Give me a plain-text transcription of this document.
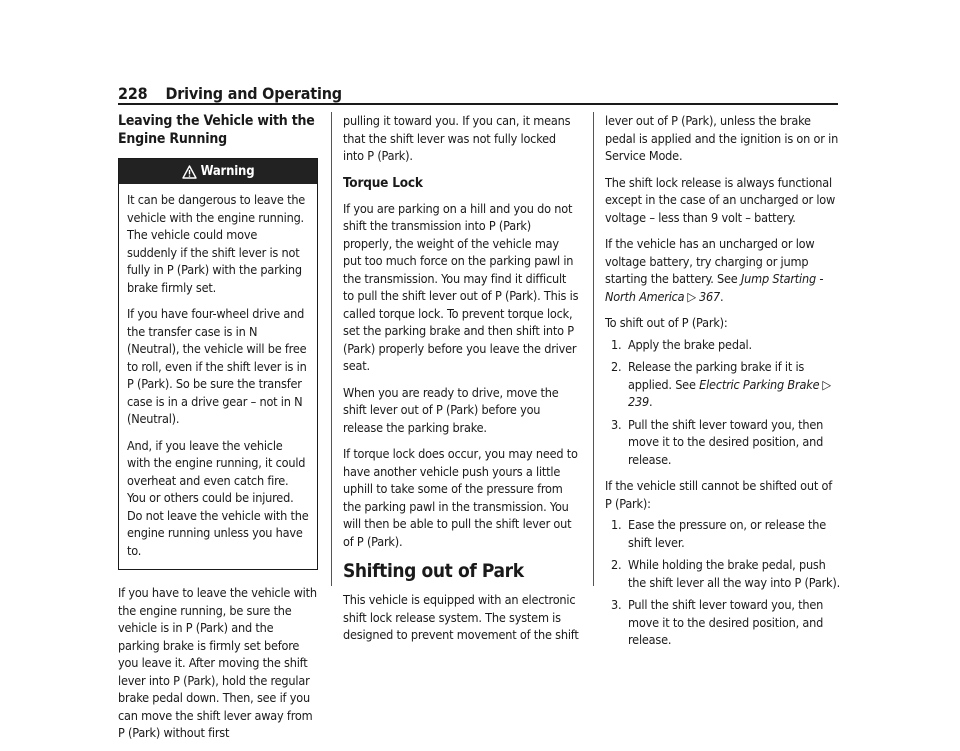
228 Driving and Operating
Leaving the Vehicle with the Engine Running
Warning

It can be dangerous to leave the vehicle with the engine running. The vehicle could move suddenly if the shift lever is not fully in P (Park) with the parking brake firmly set.

If you have four-wheel drive and the transfer case is in N (Neutral), the vehicle will be free to roll, even if the shift lever is in P (Park). So be sure the transfer case is in a drive gear – not in N (Neutral).

And, if you leave the vehicle with the engine running, it could overheat and even catch fire. You or others could be injured. Do not leave the vehicle with the engine running unless you have to.

If you have to leave the vehicle with the engine running, be sure the vehicle is in P (Park) and the parking brake is firmly set before you leave it. After moving the shift lever into P (Park), hold the regular brake pedal down. Then, see if you can move the shift lever away from P (Park) without first

pulling it toward you. If you can, it means that the shift lever was not fully locked into P (Park).

Torque Lock

If you are parking on a hill and you do not shift the transmission into P (Park) properly, the weight of the vehicle may put too much force on the parking pawl in the transmission. You may find it difficult to pull the shift lever out of P (Park). This is called torque lock. To prevent torque lock, set the parking brake and then shift into P (Park) properly before you leave the driver seat.

When you are ready to drive, move the shift lever out of P (Park) before you release the parking brake.

If torque lock does occur, you may need to have another vehicle push yours a little uphill to take some of the pressure from the parking pawl in the transmission. You will then be able to pull the shift lever out of P (Park).

Shifting out of Park

This vehicle is equipped with an electronic shift lock release system. The system is designed to prevent movement of the shift

lever out of P (Park), unless the brake pedal is applied and the ignition is on or in Service Mode.

The shift lock release is always functional except in the case of an uncharged or low voltage – less than 9 volt – battery.

If the vehicle has an uncharged or low voltage battery, try charging or jump starting the battery. See Jump Starting - North America ▷ 367.

To shift out of P (Park):

1. Apply the brake pedal.
2. Release the parking brake if it is applied. See Electric Parking Brake ▷239.
3. Pull the shift lever toward you, then move it to the desired position, and release.

If the vehicle still cannot be shifted out of P (Park):

1. Ease the pressure on, or release the shift lever.
2. While holding the brake pedal, push the shift lever all the way into P (Park).
3. Pull the shift lever toward you, then move it to the desired position, and release.
